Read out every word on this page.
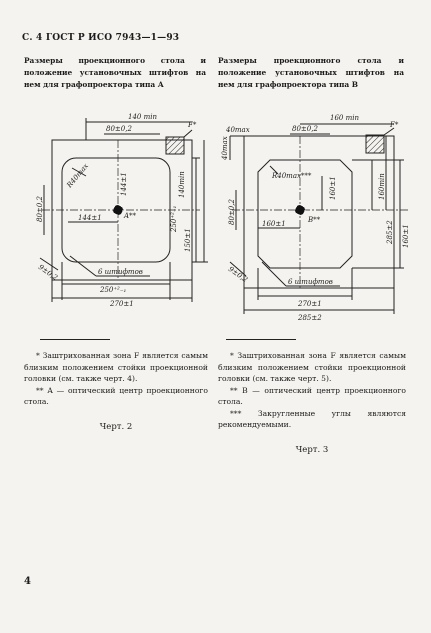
С. 4 ГОСТ Р ИСО 7943—1—93
Размеры проекционного стола и положение установочных штифтов на нем для графопроектора типа А
Размеры проекционного стола и положение установочных штифтов на нем для графопроектора типа В
140 min
80±0,2	F*
R40max	144±1
250⁺²₋₁
140min
150±1
80±0,2	A**
144±1
9±0,2	6 штифтов
250⁺²₋₁
270±1
40max
160 min
80±0,2	F*
40max
R40max***
160±1	160min
285±2
80±0,2	B**
160±1
160±1
9±0,2	6 штифтов
270±1
285±2
* Заштрихованная зона F является самым близким положением стойки проекционной головки (см. также черт. 4).
** A — оптический центр проекционного стола.
Черт. 2
* Заштрихованная зона F является самым близким положением стойки проекционной головки (см. также черт. 5).
** B — оптический центр проекционного стола.
*** Закругленные углы являются рекомендуемыми.
Черт. 3
4
